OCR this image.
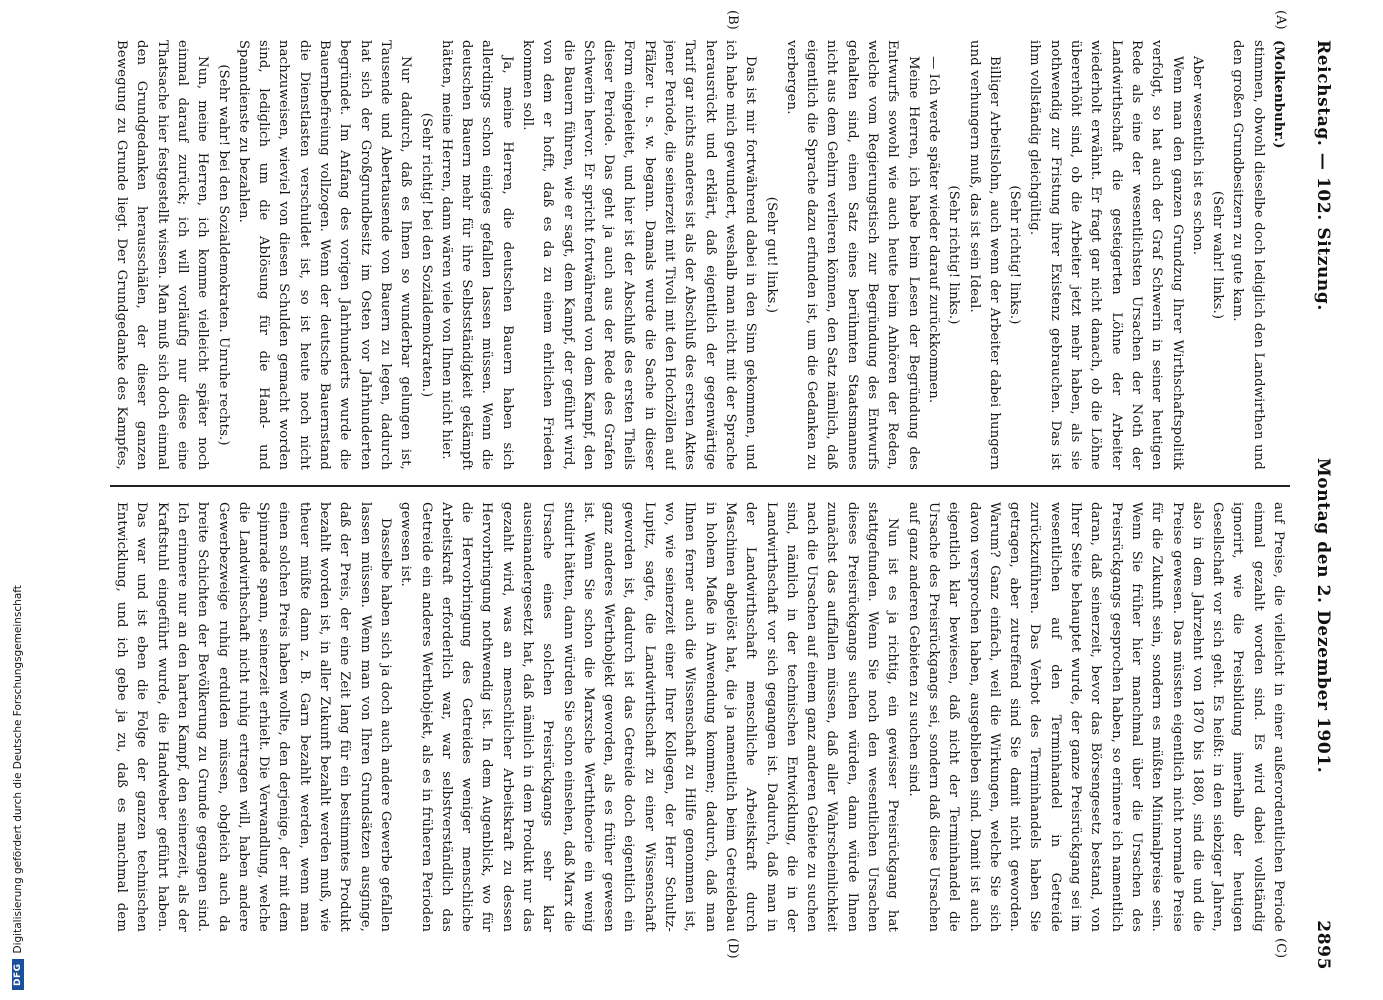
DFG
Digitalisierung gefördert durch die Deutsche Forschungsgemeinschaft
Reichstag. — 102. Sitzung.
Montag den 2. Dezember 1901.
2895

(Molkenbuhr.)

stimmen, obwohl dieselbe doch lediglich den Landwirthen und den großen Grundbesitzern zu gute kam.

(Sehr wahr! links.)

Aber wesentlich ist es schon.

Wenn man den ganzen Grundzug Ihrer Wirthschaftspolitik verfolgt, so hat auch der Graf Schwerin in seiner heutigen Rede als eine der wesentlichsten Ursachen der Noth der Landwirthschaft die gesteigerten Löhne der Arbeiter wiederholt erwähnt. Er fragt gar nicht danach, ob die Löhne übererhöht sind, ob die Arbeiter jetzt mehr haben, als sie nothwendig zur Fristung ihrer Existenz gebrauchen. Das ist ihm vollständig gleichgültig.

(Sehr richtig! links.)

Billiger Arbeitslohn, auch wenn der Arbeiter dabei hungern und verhungern muß, das ist sein Ideal.

(Sehr richtig! links.)

— Ich werde später wieder darauf zurückkommen.

Meine Herren, ich habe beim Lesen der Begründung des Entwurfs sowohl wie auch heute beim Anhören der Reden, welche vom Regierungstisch zur Begründung des Entwurfs gehalten sind, einen Satz eines berühmten Staatsmannes nicht aus dem Gehirn verlieren können, den Satz nämlich, daß eigentlich die Sprache dazu erfunden ist, um die Gedanken zu verbergen.

(Sehr gut! links.)

Das ist mir fortwährend dabei in den Sinn gekommen, und ich habe mich gewundert, weshalb man nicht mit der Sprache herausrückt und erklärt, daß eigentlich der gegenwärtige Tarif gar nichts anderes ist als der Abschluß des ersten Aktes jener Periode, die seinerzeit mit Tivoli mit den Hochzöllen auf Pfälzer u. s. w. begann. Damals wurde die Sache in dieser Form eingeleitet, und hier ist der Abschluß des ersten Theils dieser Periode. Das geht ja auch aus der Rede des Grafen Schwerin hervor. Er spricht fortwährend von dem Kampf, den die Bauern führen, wie er sagt, dem Kampf, der geführt wird, von dem er hofft, daß es da zu einem ehrlichen Frieden kommen soll.

Ja, meine Herren, die deutschen Bauern haben sich allerdings schon einiges gefallen lassen müssen. Wenn die deutschen Bauern mehr für ihre Selbstständigkeit gekämpft hätten, meine Herren, dann wären viele von Ihnen nicht hier.

(Sehr richtig! bei den Sozialdemokraten.)

Nur dadurch, daß es Ihnen so wunderbar gelungen ist, Tausende und Abertausende von Bauern zu legen, dadurch hat sich der Großgrundbesitz im Osten vor Jahrhunderten begründet. Im Anfang des vorigen Jahrhunderts wurde die Bauernbefreiung vollzogen. Wenn der deutsche Bauernstand die Dienstlasten verschuldet ist, so ist heute noch nicht nachzuweisen, wieviel von diesen Schulden gemacht worden sind, lediglich um die Ablösung für die Hand- und Spanndienste zu bezahlen.

(Sehr wahr! bei den Sozialdemokraten. Unruhe rechts.)

Nun, meine Herren, ich komme vielleicht später noch einmal darauf zurück; ich will vorläufig nur diese eine Thatsache hier festgestellt wissen. Man muß sich doch einmal den Grundgedanken herausschälen, der dieser ganzen Bewegung zu Grunde liegt. Der Grundgedanke des Kampfes,

auf Preise, die vielleicht in einer außerordentlichen Periode einmal gezahlt worden sind. Es wird dabei vollständig ignorirt, wie die Preisbildung innerhalb der heutigen Gesellschaft vor sich geht. Es heißt: in den siebziger Jahren, also in dem Jahrzehnt von 1870 bis 1880, sind die und die Preise gewesen. Das müssten eigentlich nicht normale Preise für die Zukunft sein, sondern es müßten Minimalpreise sein. Wenn Sie früher hier manchmal über die Ursachen des Preisrückgangs gesprochen haben, so erinnere ich namentlich daran, daß seinerzeit, bevor das Börsengesetz bestand, von Ihrer Seite behauptet wurde, der ganze Preisrückgang sei im wesentlichen auf den Terminhandel in Getreide zurückzuführen. Das Verbot des Terminhandels haben Sie getragen, aber zutreffend sind Sie damit nicht geworden. Warum? Ganz einfach, weil die Wirkungen, welche Sie sich davon versprochen haben, ausgeblieben sind. Damit ist auch eigentlich klar bewiesen, daß nicht der Terminhandel die Ursache des Preisrückgangs sei, sondern daß diese Ursachen auf ganz anderen Gebieten zu suchen sind.

Nun ist es ja richtig, ein gewisser Preisrückgang hat stattgefunden. Wenn Sie noch den wesentlichen Ursachen dieses Preisrückgangs suchen würden, dann würde Ihnen zunächst das auffallen müssen, daß aller Wahrscheinlichkeit nach die Ursachen auf einem ganz anderen Gebiete zu suchen sind, nämlich in der technischen Entwicklung, die in der Landwirthschaft vor sich gegangen ist. Dadurch, daß man in der Landwirthschaft menschliche Arbeitskraft durch Maschinen abgelöst hat, die ja namentlich beim Getreidebau in hohem Maße in Anwendung kommen; dadurch, daß man Ihnen ferner auch die Wissenschaft zu Hilfe genommen ist, wo, wie seinerzeit einer Ihrer Kollegen, der Herr Schultz-Lupitz, sagte, die Landwirthschaft zu einer Wissenschaft geworden ist, dadurch ist das Getreide doch eigentlich ein ganz anderes Werthobjekt geworden, als es früher gewesen ist. Wenn Sie schon die Marxsche Werththeorie ein wenig studirt hätten, dann würden Sie schon einsehen, daß Marx die Ursache eines solchen Preisrückgangs sehr klar auseinandergesetzt hat, daß nämlich in dem Produkt nur das gezahlt wird, was an menschlicher Arbeitskraft zu dessen Hervorbringung nothwendig ist. In dem Augenblick, wo für die Hervorbringung des Getreides weniger menschliche Arbeitskraft erforderlich war, war selbstverständlich das Getreide ein anderes Werthobjekt, als es in früheren Perioden gewesen ist.

Dasselbe haben sich ja doch auch andere Gewerbe gefallen lassen müssen. Wenn man von Ihren Grundsätzen ausginge, daß der Preis, der eine Zeit lang für ein bestimmtes Produkt bezahlt worden ist, in aller Zukunft bezahlt werden muß, wie theuer müßte dann z. B. Garn bezahlt werden, wenn man einen solchen Preis haben wollte, den derjenige, der mit dem Spinnrade spann, seinerzeit erhielt. Die Verwandlung, welche die Landwirthschaft nicht ruhig ertragen will, haben andere Gewerbezweige ruhig erdulden müssen, obgleich auch da breite Schichten der Bevölkerung zu Grunde gegangen sind. Ich erinnere nur an den harten Kampf, den seinerzeit, als der Kraftstuhl eingeführt wurde, die Handweber geführt haben. Das war und ist eben die Folge der ganzen technischen Entwicklung, und ich gebe ja zu, daß es manchmal dem

(A)
(B)
(C)
(D)
